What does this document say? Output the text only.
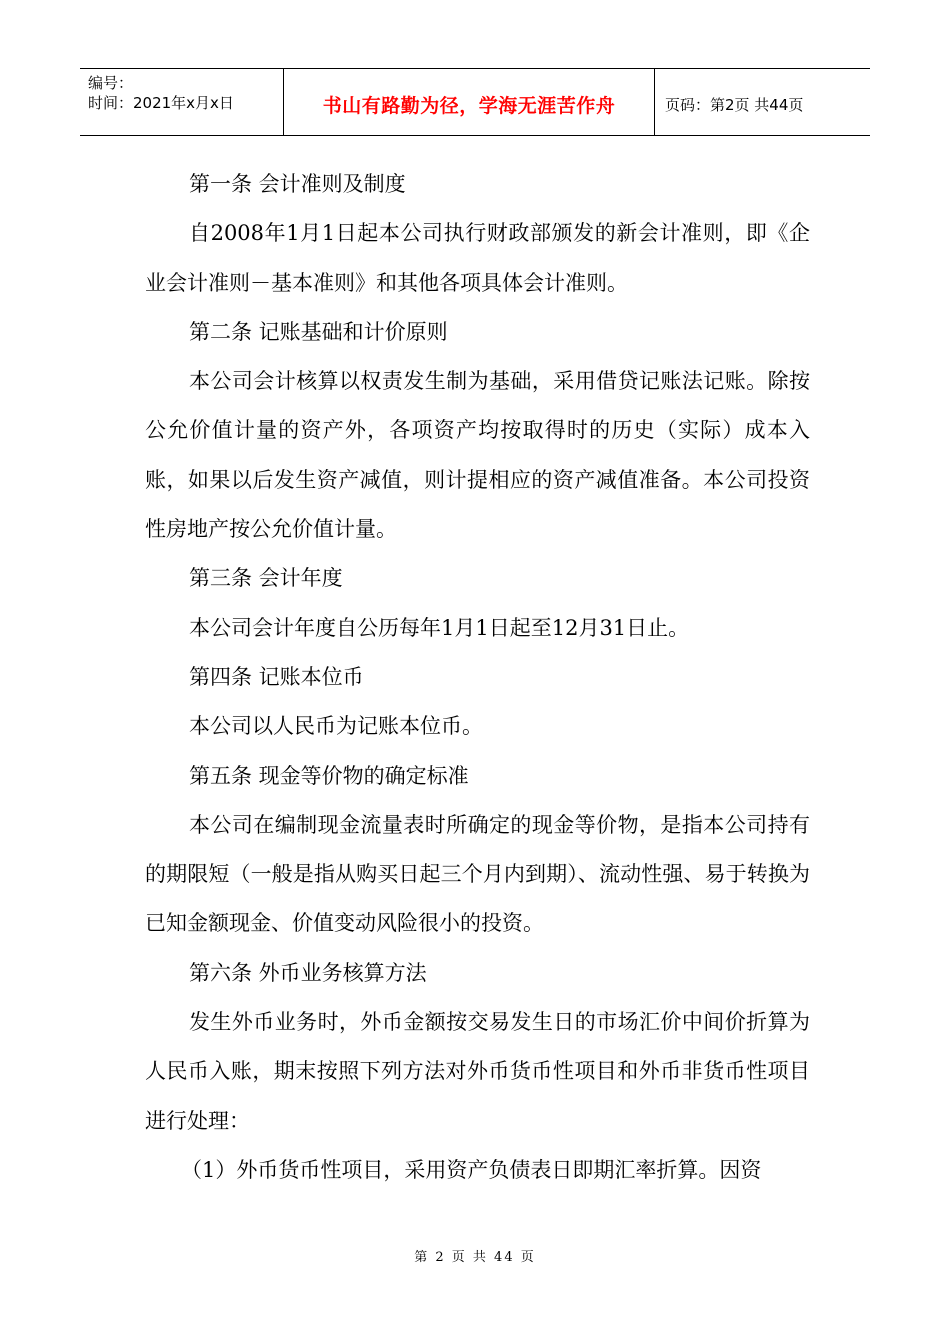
编号：
时间：2021年x月x日	书山有路勤为径，学海无涯苦作舟	页码：第2页 共44页

第一条 会计准则及制度

自2008年1月1日起本公司执行财政部颁发的新会计准则，即《企业会计准则－基本准则》和其他各项具体会计准则。

第二条 记账基础和计价原则

本公司会计核算以权责发生制为基础，采用借贷记账法记账。除按公允价值计量的资产外，各项资产均按取得时的历史（实际）成本入账，如果以后发生资产减值，则计提相应的资产减值准备。本公司投资性房地产按公允价值计量。

第三条 会计年度

本公司会计年度自公历每年1月1日起至12月31日止。

第四条 记账本位币

本公司以人民币为记账本位币。

第五条 现金等价物的确定标准

本公司在编制现金流量表时所确定的现金等价物，是指本公司持有的期限短（一般是指从购买日起三个月内到期）、流动性强、易于转换为已知金额现金、价值变动风险很小的投资。

第六条 外币业务核算方法

发生外币业务时，外币金额按交易发生日的市场汇价中间价折算为人民币入账，期末按照下列方法对外币货币性项目和外币非货币性项目进行处理：

（1）外币货币性项目，采用资产负债表日即期汇率折算。因资

第 2 页 共 44 页
